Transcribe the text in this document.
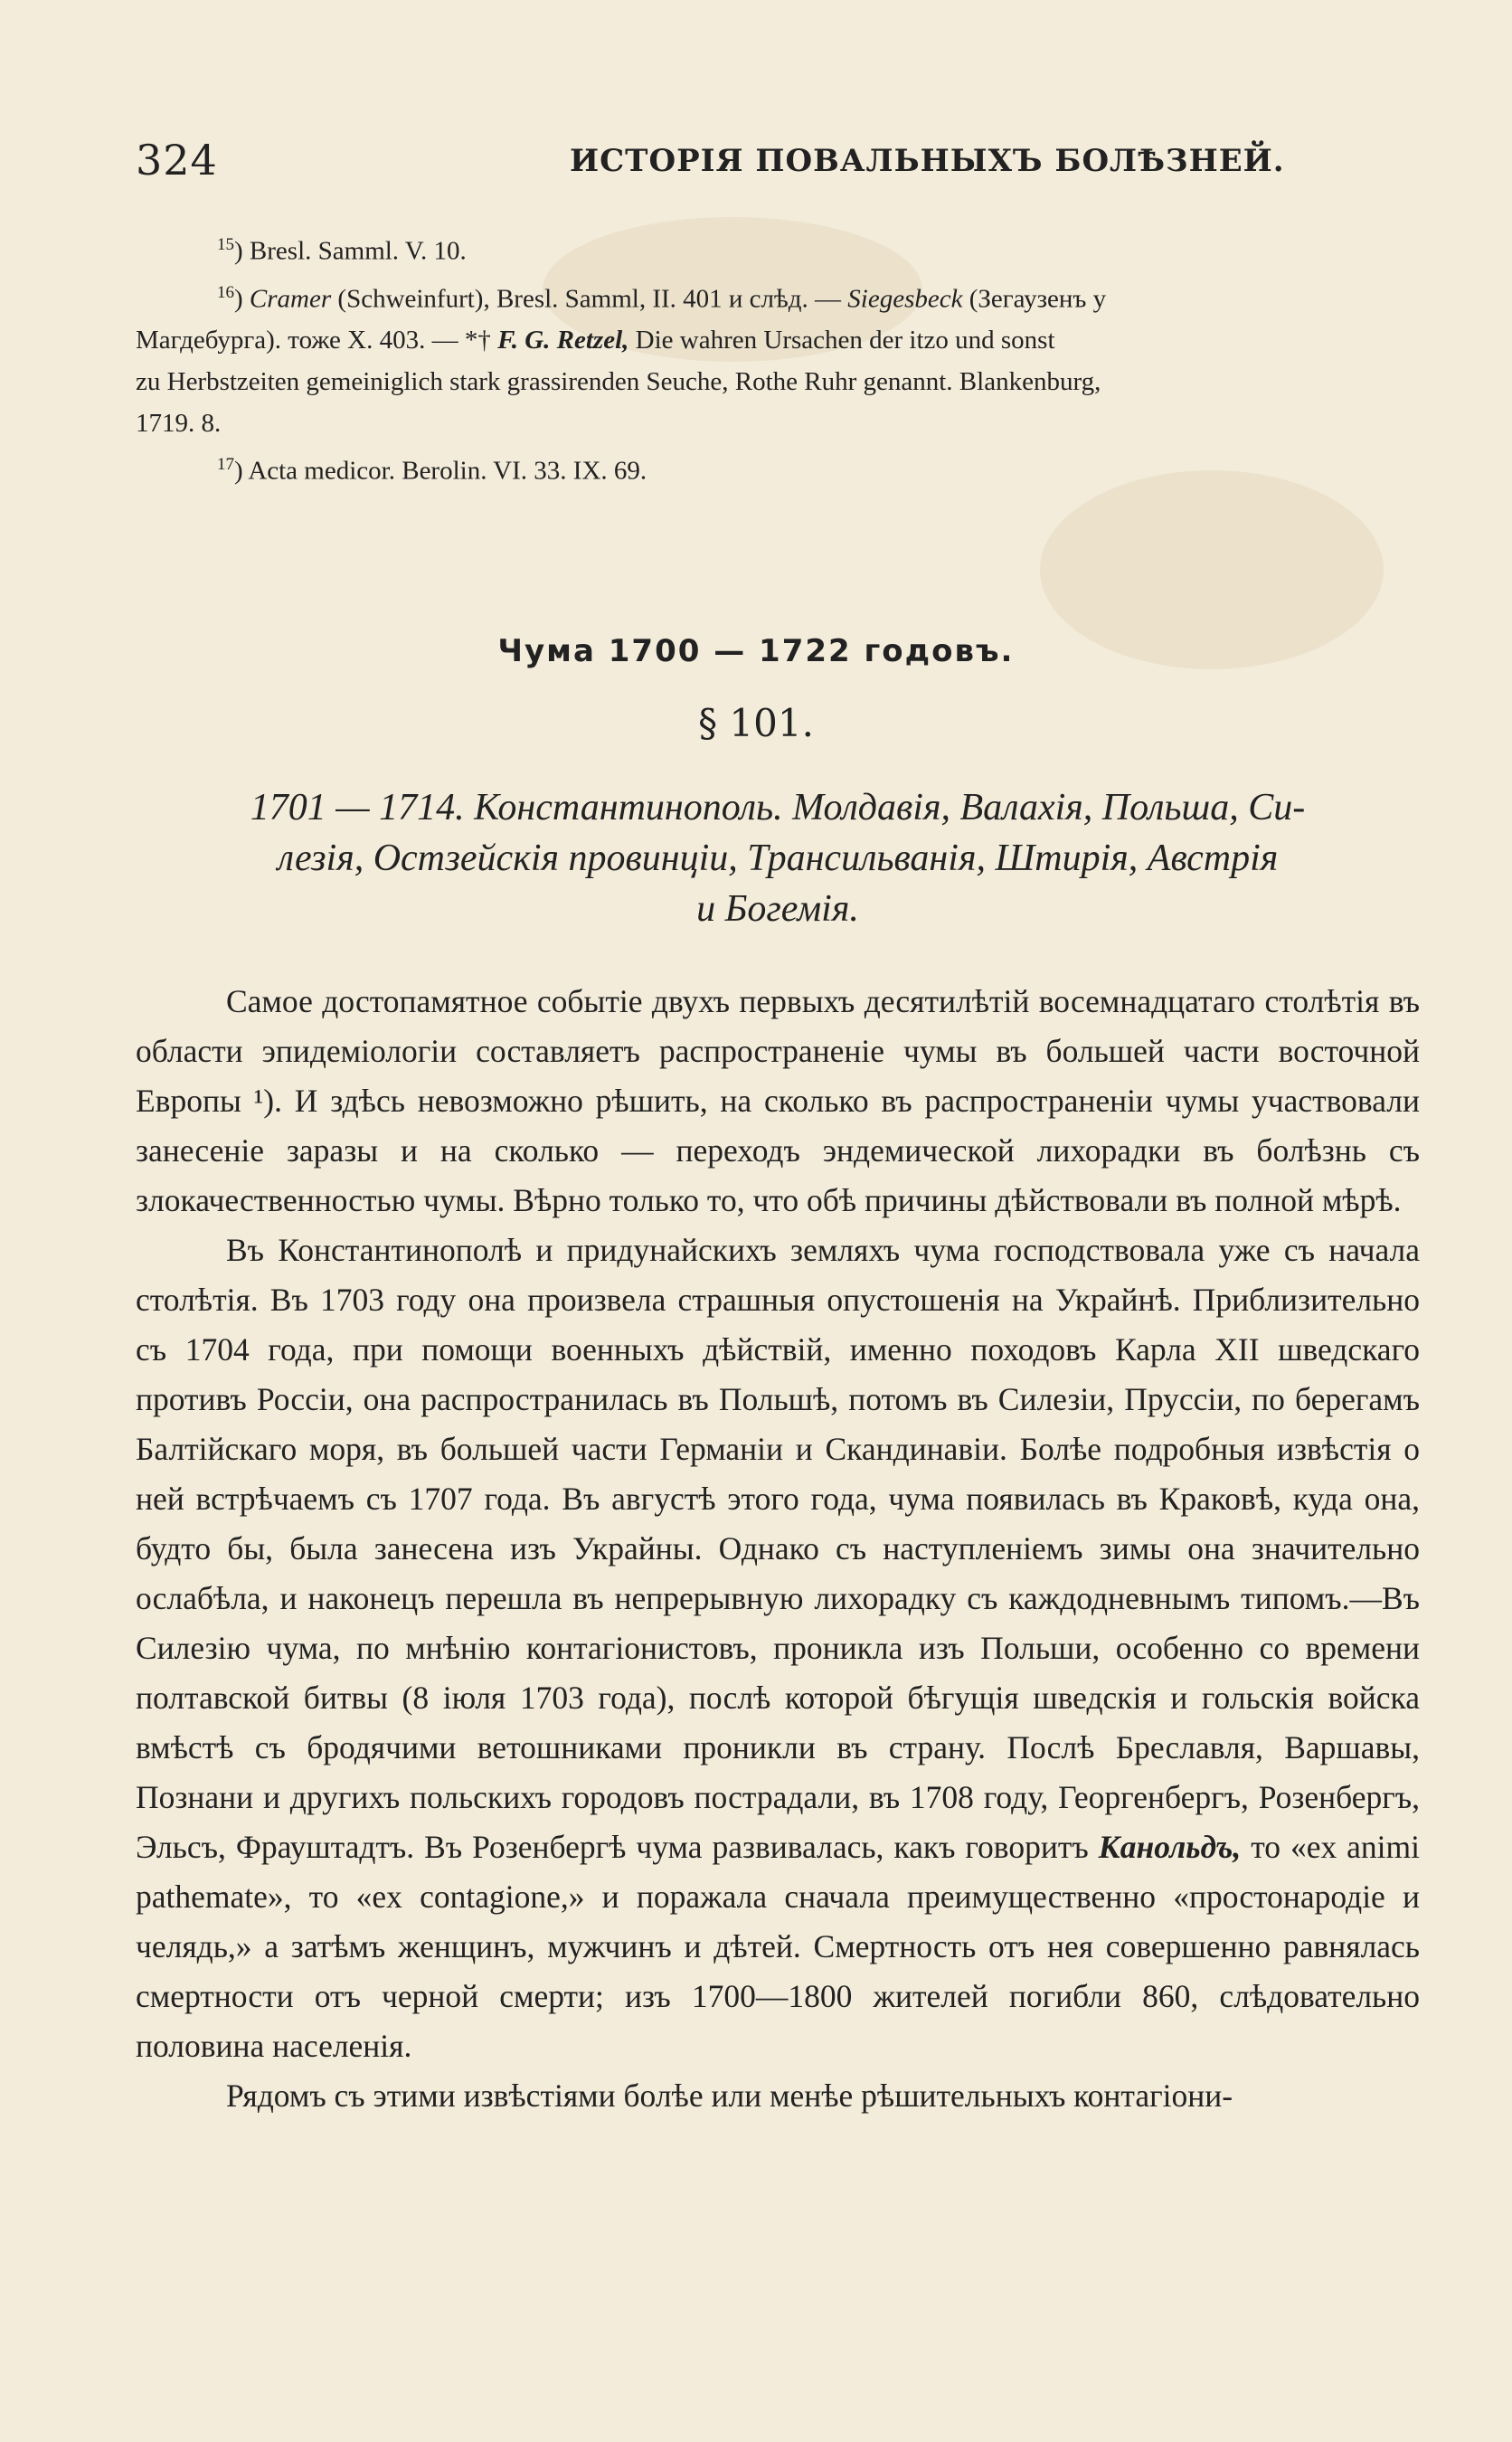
324	ИСТОРІЯ ПОВАЛЬНЫХЪ БОЛѢЗНЕЙ.
$^{15}$) Bresl. Samml. V. 10.
$^{16}$) Cramer (Schweinfurt), Bresl. Samml, II. 401 и слѣд. — Siegesbeck (Зегаузенъ у
Магдебурга). тоже X. 403. — *† F. G. Retzel, Die wahren Ursachen der itzo und sonst
zu Herbstzeiten gemeiniglich stark grassirenden Seuche, Rothe Ruhr genannt. Blankenburg,
1719. 8.
$^{17}$) Acta medicor. Berolin. VI. 33. IX. 69.
Чума 1700 — 1722 годовъ.
§ 101.
1701 — 1714. Константинополь. Молдавія, Валахія, Польша, Си-
лезія, Остзейскія провинціи, Трансильванія, Штирія, Австрія
и Богемія.

Самое достопамятное событіе двухъ первыхъ десятилѣтій восемнадцатаго столѣтія въ области эпидеміологіи составляетъ распространеніе чумы въ большей части восточной Европы ¹). И здѣсь невозможно рѣшить, на сколько въ распространеніи чумы участвовали занесеніе заразы и на сколько — переходъ эндемической лихорадки въ болѣзнь съ злокачественностью чумы. Вѣрно только то, что обѣ причины дѣйствовали въ полной мѣрѣ.

Въ Константинополѣ и придунайскихъ земляхъ чума господствовала уже съ начала столѣтія. Въ 1703 году она произвела страшныя опустошенія на Украйнѣ. Приблизительно съ 1704 года, при помощи военныхъ дѣйствій, именно походовъ Карла XII шведскаго противъ Россіи, она распространилась въ Польшѣ, потомъ въ Силезіи, Пруссіи, по берегамъ Балтійскаго моря, въ большей части Германіи и Скандинавіи. Болѣе подробныя извѣстія о ней встрѣчаемъ съ 1707 года. Въ августѣ этого года, чума появилась въ Краковѣ, куда она, будто бы, была занесена изъ Украйны. Однако съ наступленіемъ зимы она значительно ослабѣла, и наконецъ перешла въ непрерывную лихорадку съ каждодневнымъ типомъ.—Въ Силезію чума, по мнѣнію контагіонистовъ, проникла изъ Польши, особенно со времени полтавской битвы (8 іюля 1703 года), послѣ которой бѣгущія шведскія и гольскія войска вмѣстѣ съ бродячими ветошниками проникли въ страну. Послѣ Бреславля, Варшавы, Познани и другихъ польскихъ городовъ пострадали, въ 1708 году, Георгенбергъ, Розенбергъ, Эльсъ, Фрауштадтъ. Въ Розенбергѣ чума развивалась, какъ говоритъ Канольдъ, то «ex animi pathemate», то «ex contagione,» и поражала сначала преимущественно «простонародіе и челядь,» а затѣмъ женщинъ, мужчинъ и дѣтей. Смертность отъ нея совершенно равнялась смертности отъ черной смерти; изъ 1700—1800 жителей погибли 860, слѣдовательно половина населенія.

Рядомъ съ этими извѣстіями болѣе или менѣе рѣшительныхъ контагіони-
